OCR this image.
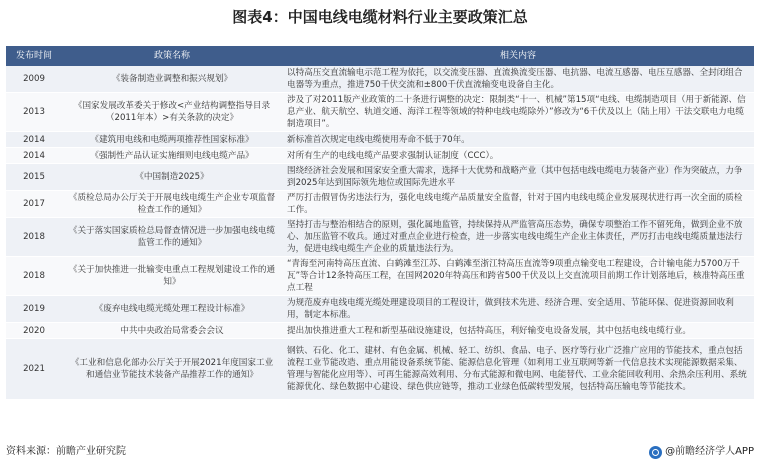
图表4：中国电线电缆材料行业主要政策汇总
发布时间	政策名称	相关内容
2009	《装备制造业调整和振兴规划》	以特高压交直流输电示范工程为依托，以交流变压器、直流换流变压器、电抗器、电流互感器、电压互感器、全封闭组合电器等为重点，推进750千伏交流和±800千伏直流输变电设备自主化。
2013	《国家发展改革委关于修改<产业结构调整指导目录（2011年本）>有关条款的决定》	涉及了对2011版产业政策的二十条进行调整的决定：限制类“十一、机械”第15项“电线、电缆制造项目（用于新能源、信息产业、航天航空、轨道交通、海洋工程等领域的特种电线电缆除外）”修改为“6千伏及以上（陆上用）干法交联电力电缆制造项目”。
2014	《建筑用电线和电缆两项推荐性国家标准》	新标准首次规定电线电缆使用寿命不低于70年。
2014	《强制性产品认证实施细则电线电缆产品》	对所有生产的电线电缆产品要求强制认证制度（CCC）。
2015	《中国制造2025》	围绕经济社会发展和国家安全重大需求，选择十大优势和战略产业（其中包括电线电缆电力装备产业）作为突破点，力争到2025年达到国际领先地位或国际先进水平
2017	《质检总局办公厅关于开展电线电缆生产企业专项监督检查工作的通知》	严厉打击假冒伪劣违法行为，强化电线电缆产品质量安全监督，针对于国内电线电缆企业发展现状进行再一次全面的质检工作。
2018	《关于落实国家质检总局督查情况进一步加强电线电缆监管工作的通知》	坚持打击与整治相结合的原则，强化属地监管，持续保持从严监管高压态势，确保专项整治工作不留死角，做到企业不放心、加压监管不收兵。通过对重点企业进行检查，进一步落实电线电缆生产企业主体责任，严厉打击电线电缆质量违法行为，促进电线电缆生产企业的质量违法行为。
2018	《关于加快推进一批输变电重点工程规划建设工作的通知》	“青海至河南特高压直流、白鹤滩至江苏、白鹤滩至浙江特高压直流等9项重点输变电工程建设，合计输电能力5700万千瓦”等合计12条特高压工程，在国网2020年特高压和跨省500千伏及以上交直流项目前期工作计划落地后，核准特高压重点工程
2019	《废弃电线电缆光缆处理工程设计标准》	为规范废弃电线电缆光缆处理建设项目的工程设计，做到技术先进、经济合理、安全适用、节能环保、促进资源回收利用，制定本标准。
2020	中共中央政治局常委会会议	提出加快推进重大工程和新型基础设施建设，包括特高压，利好输变电设备发展，其中包括电线电缆行业。
2021	《工业和信息化部办公厅关于开展2021年度国家工业和通信业节能技术装备产品推荐工作的通知》	钢铁、石化、化工、建材、有色金属、机械、轻工、纺织、食品、电子、医疗等行业广泛推广应用的节能技术，重点包括流程工业节能改造、重点用能设备系统节能、能源信息化管理（如利用工业互联网等新一代信息技术实现能源数据采集、管理与智能化应用等）、可再生能源高效利用、分布式能源和微电网、电能替代、工业余能回收利用、余热余压利用、系统能源优化、绿色数据中心建设、绿色供应链等，推动工业绿色低碳转型发展，包括特高压输电等节能技术。
资料来源：前瞻产业研究院	@前瞻经济学人APP
